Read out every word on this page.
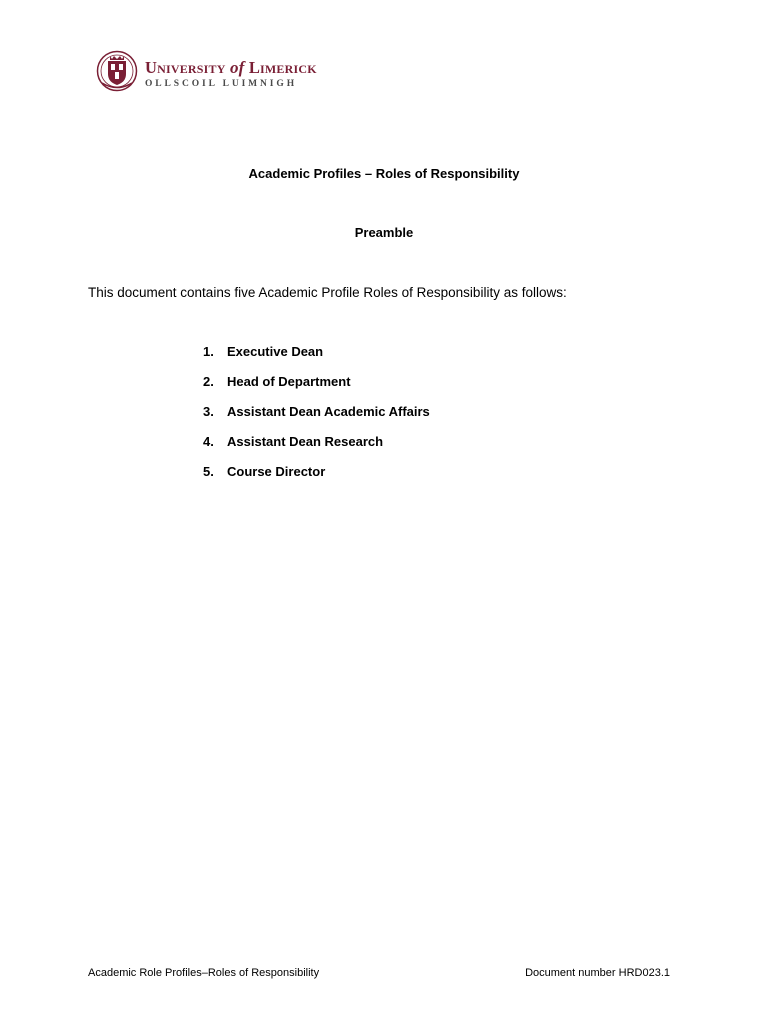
University of Limerick
OLLSCOIL LUIMNIGH
Academic Profiles – Roles of Responsibility
Preamble
This document contains five Academic Profile Roles of Responsibility as follows:
1.	Executive Dean
2.	Head of Department
3.	Assistant Dean Academic Affairs
4.	Assistant Dean Research
5.	Course Director
Academic Role Profiles–Roles of Responsibility	Document number HRD023.1
